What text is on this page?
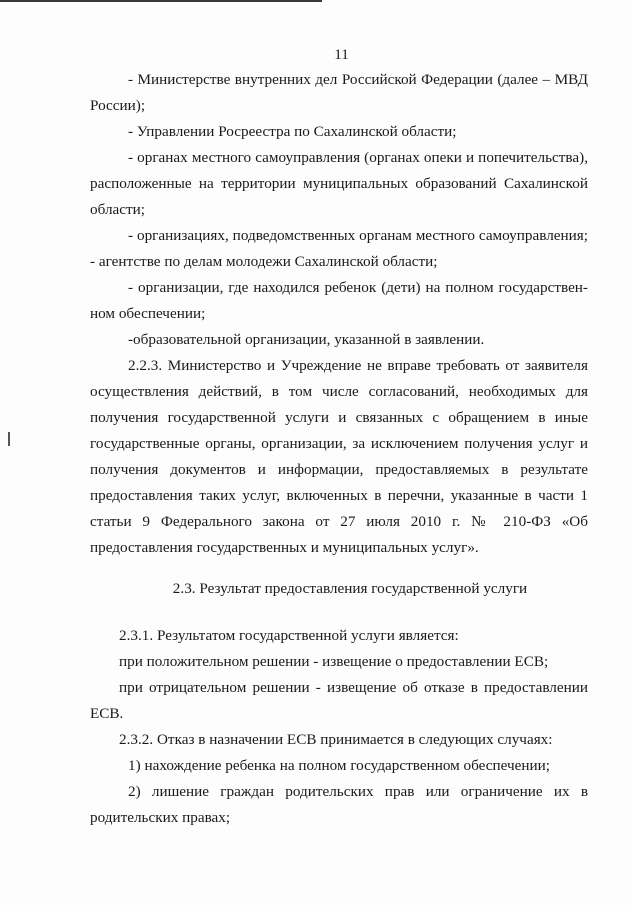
11
- Министерстве внутренних дел Российской Федерации (далее – МВД
России);
- Управлении Росреестра по Сахалинской области;
- органах местного самоуправления (органах опеки и попечительства),
расположенные на территории муниципальных образований Сахалинской
области;
- организациях, подведомственных органам местного самоуправления;
- агентстве по делам молодежи Сахалинской области;
- организации, где находился ребенок (дети) на полном государствен-
ном обеспечении;
-образовательной организации, указанной в заявлении.
2.2.3. Министерство и Учреждение не вправе требовать от заявителя
осуществления действий, в том числе согласований, необходимых для
получения государственной услуги и связанных с обращением в иные
государственные органы, организации, за исключением получения услуг и
получения документов и информации, предоставляемых в результате
предоставления таких услуг, включенных в перечни, указанные в части 1
статьи 9 Федерального закона от 27 июля 2010 г. № 210-ФЗ «Об
предоставления государственных и муниципальных услуг».
2.3. Результат предоставления государственной услуги
2.3.1. Результатом государственной услуги является:
при положительном решении - извещение о предоставлении ЕСВ;
при отрицательном решении - извещение об отказе в предоставлении
ЕСВ.
2.3.2. Отказ в назначении ЕСВ принимается в следующих случаях:
1) нахождение ребенка на полном государственном обеспечении;
2) лишение граждан родительских прав или ограничение их в
родительских правах;
